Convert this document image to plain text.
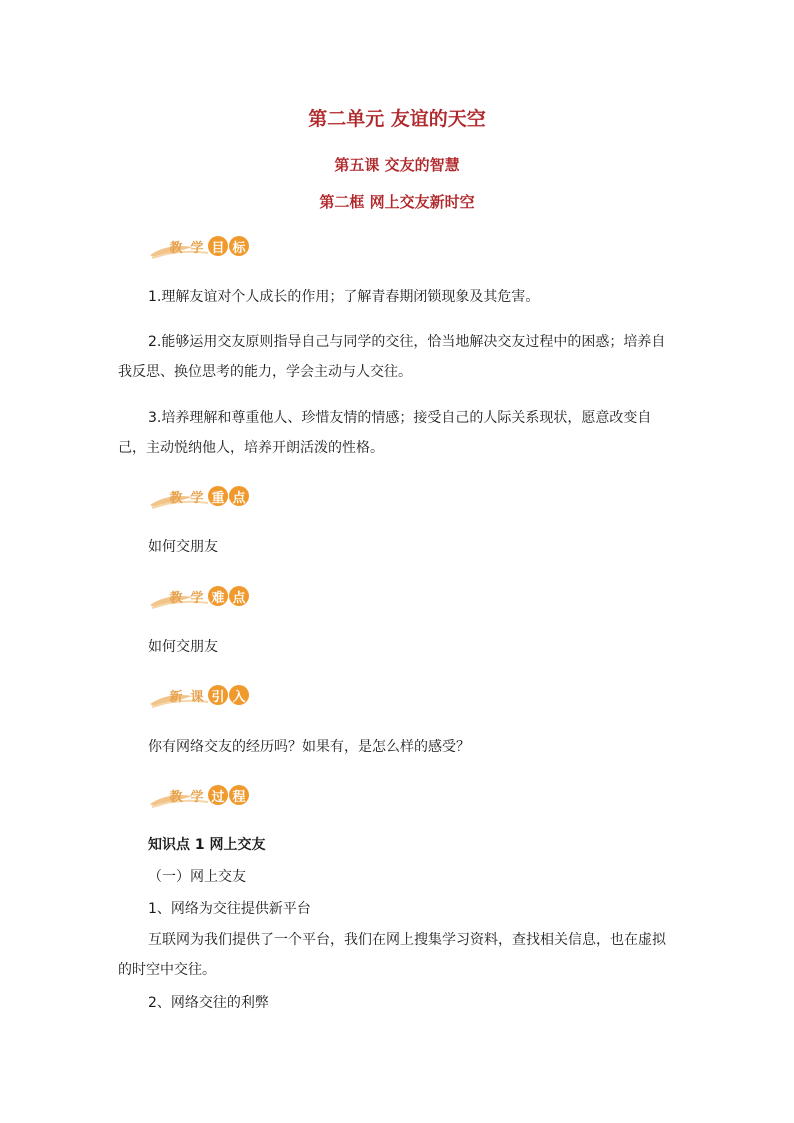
第二单元 友谊的天空
第五课 交友的智慧
第二框 网上交友新时空
教 学 目 标
1.理解友谊对个人成长的作用；了解青春期闭锁现象及其危害。
2.能够运用交友原则指导自己与同学的交往，恰当地解决交友过程中的困惑；培养自我反思、换位思考的能力，学会主动与人交往。
3.培养理解和尊重他人、珍惜友情的情感；接受自己的人际关系现状，愿意改变自己，主动悦纳他人，培养开朗活泼的性格。
教 学 重 点
如何交朋友
教 学 难 点
如何交朋友
新 课 引 入
你有网络交友的经历吗？如果有，是怎么样的感受？
教 学 过 程
知识点 1 网上交友
（一）网上交友
1、网络为交往提供新平台
互联网为我们提供了一个平台，我们在网上搜集学习资料，查找相关信息，也在虚拟的时空中交往。
2、网络交往的利弊
